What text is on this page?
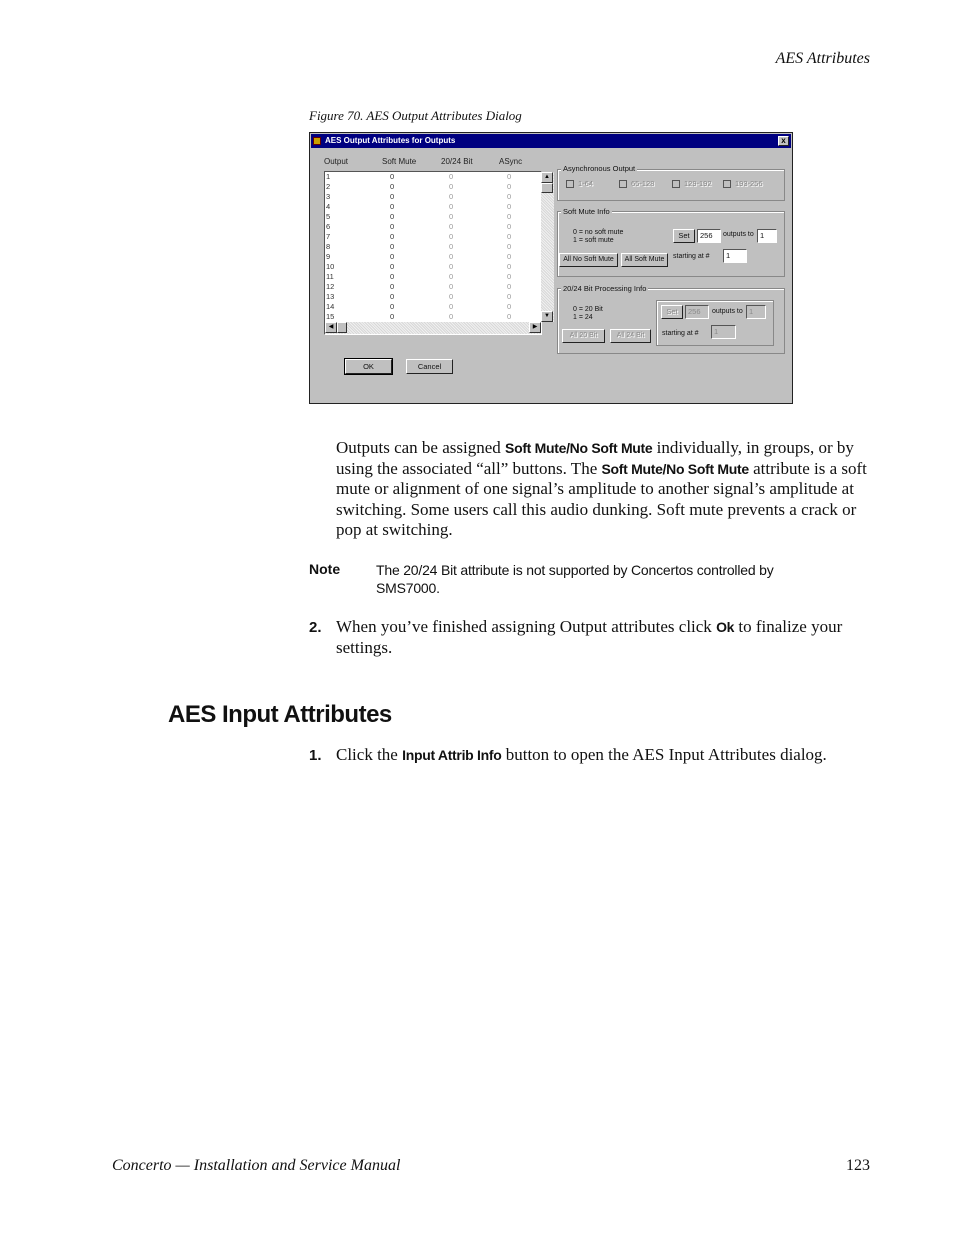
AES Attributes
Figure 70. AES Output Attributes Dialog
AES Output Attributes for Outputs	x
Output	Soft Mute	20/24 Bit	ASync
1	0	0	0
2	0	0	0
3	0	0	0
4	0	0	0
5	0	0	0
6	0	0	0
7	0	0	0
8	0	0	0
9	0	0	0
10	0	0	0
11	0	0	0
12	0	0	0
13	0	0	0
14	0	0	0
15	0	0	0
▲
▼
◀	▶
Asynchronous Output
1-64	65-128	129-192	193-256
Soft Mute Info
0 = no soft mute
1 = soft mute
Set	256	outputs to 1
All No Soft Mute	All Soft Mute	starting at #	1
20/24 Bit Processing Info
0 = 20 Bit
1 = 24
Set	256	outputs to 1
starting at #	1
All 20 Bit	All 24 Bit
OK	Cancel
Outputs can be assigned Soft Mute/No Soft Mute individually, in groups, or by using the associated “all” buttons. The Soft Mute/No Soft Mute attribute is a soft mute or alignment of one signal’s amplitude to another signal’s amplitude at switching. Some users call this audio dunking. Soft mute prevents a crack or pop at switching.
Note	The 20/24 Bit attribute is not supported by Concertos controlled by SMS7000.
2. When you’ve finished assigning Output attributes click Ok to finalize your settings.
AES Input Attributes
1. Click the Input Attrib Info button to open the AES Input Attributes dialog.
Concerto — Installation and Service Manual	123
